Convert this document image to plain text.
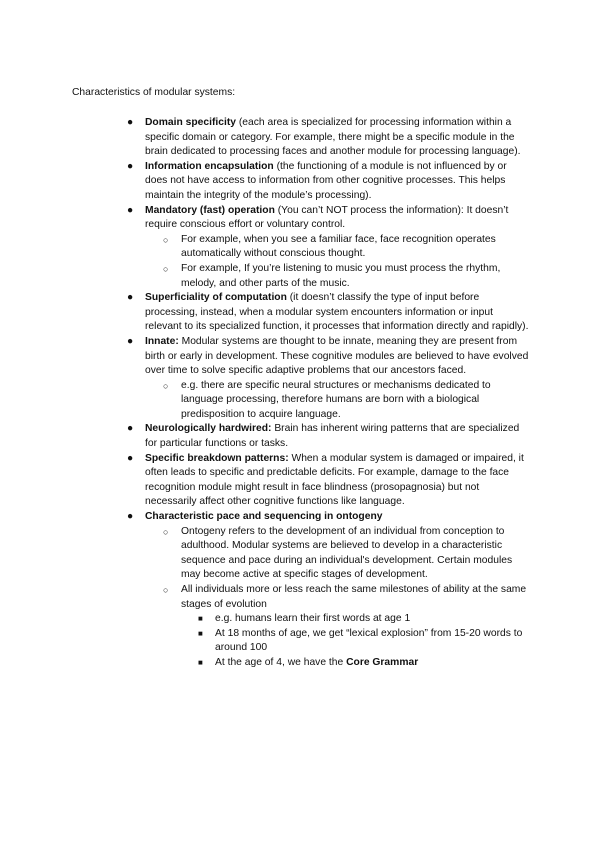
Characteristics of modular systems:

●	Domain specificity (each area is specialized for processing information within a specific domain or category. For example, there might be a specific module in the brain dedicated to processing faces and another module for processing language).
●	Information encapsulation (the functioning of a module is not influenced by or does not have access to information from other cognitive processes. This helps maintain the integrity of the module’s processing).
●	Mandatory (fast) operation (You can’t NOT process the information): It doesn’t require conscious effort or voluntary control.
○	For example, when you see a familiar face, face recognition operates automatically without conscious thought.
○	For example, If you’re listening to music you must process the rhythm, melody, and other parts of the music.
●	Superficiality of computation (it doesn’t classify the type of input before processing, instead, when a modular system encounters information or input relevant to its specialized function, it processes that information directly and rapidly).
●	Innate: Modular systems are thought to be innate, meaning they are present from birth or early in development. These cognitive modules are believed to have evolved over time to solve specific adaptive problems that our ancestors faced.
○	e.g. there are specific neural structures or mechanisms dedicated to language processing, therefore humans are born with a biological predisposition to acquire language.
●	Neurologically hardwired: Brain has inherent wiring patterns that are specialized for particular functions or tasks.
●	Specific breakdown patterns: When a modular system is damaged or impaired, it often leads to specific and predictable deficits. For example, damage to the face recognition module might result in face blindness (prosopagnosia) but not necessarily affect other cognitive functions like language.
●	Characteristic pace and sequencing in ontogeny
○	Ontogeny refers to the development of an individual from conception to adulthood. Modular systems are believed to develop in a characteristic sequence and pace during an individual's development. Certain modules may become active at specific stages of development.
○	All individuals more or less reach the same milestones of ability at the same stages of evolution
■	e.g. humans learn their first words at age 1
■	At 18 months of age, we get “lexical explosion” from 15-20 words to around 100
■	At the age of 4, we have the Core Grammar
